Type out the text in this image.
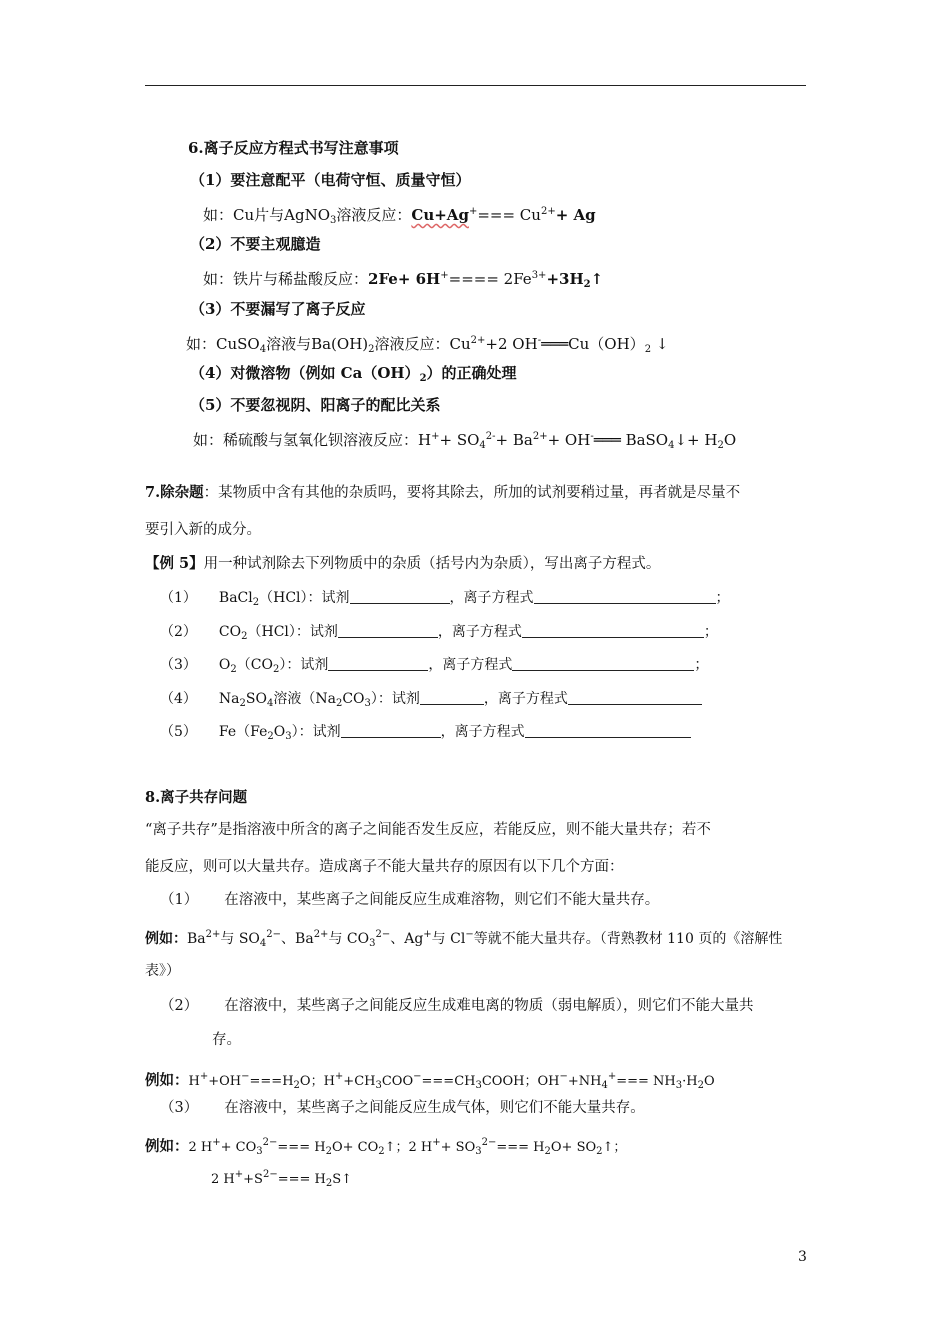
6.离子反应方程式书写注意事项
（1）要注意配平（电荷守恒、质量守恒）
如：Cu片与AgNO$_3$溶液反应：$Cu+Ag^+=== Cu^{2+}+ Ag$
（2）不要主观臆造
如：铁片与稀盐酸反应：$2Fe+ 6H^+==== 2Fe^{3+}+3H_2↑$
（3）不要漏写了离子反应
如：CuSO$_4$溶液与$Ba(OH)_2$溶液反应：$Cu^{2+}+2$ $OH^-═══Cu(OH)_2$ ↓
（4）对微溶物（例如 $Ca(OH)_2$）的正确处理
（5）不要忽视阴、阳离子的配比关系
如：稀硫酸与氢氧化钡溶液反应：$H^++ SO_4^{2-}+ Ba^{2+}+$ OH-═══ BaSO$_4$↓+ $H_2O$
7.除杂题：某物质中含有其他的杂质吗，要将其除去，所加的试剂要稍过量，再者就是尽量不
要引入新的成分。
【例 5】用一种试剂除去下列物质中的杂质（括号内为杂质），写出离子方程式。
（1） BaCl$_2$（HCl）：试剂	，离子方程式	；
（2） $CO_2(HCl)$：试剂	，离子方程式	；
（3） $O_2(CO_2)$：试剂	，离子方程式	；
（4） $Na_2SO_4$溶液$(Na_2CO_3)$：试剂	，离子方程式
（5） $Fe(Fe_2O_3)$：试剂	，离子方程式
8.离子共存问题
“离子共存”是指溶液中所含的离子之间能否发生反应，若能反应，则不能大量共存；若不
能反应，则可以大量共存。造成离子不能大量共存的原因有以下几个方面：
（1） 在溶液中，某些离子之间能反应生成难溶物，则它们不能大量共存。
例如：$Ba^{2+}$与 $SO_4^{2-}$、$Ba^{2+}$与 $CO_3^{2-}$、Ag+与 Cl−等就不能大量共存。（背熟教材 110 页的《溶解性
表》）
（2） 在溶液中，某些离子之间能反应生成难电离的物质（弱电解质），则它们不能大量共
存。
例如：$H^++OH^-===H_2O$；$H^++CH_3COO^-===CH_3COOH$；$OH^-+NH_4^+=== NH_3\cdot H_2O$
（3） 在溶液中，某些离子之间能反应生成气体，则它们不能大量共存。
例如：2 $H^++ CO_3^{2-}=== H_2O+$ $CO_2↑$；2 $H^++ SO_3^{2-}=== H_2O+$ $SO_2↑$；
2 $H^++S^{2-}===$ $H_2S↑$
3
